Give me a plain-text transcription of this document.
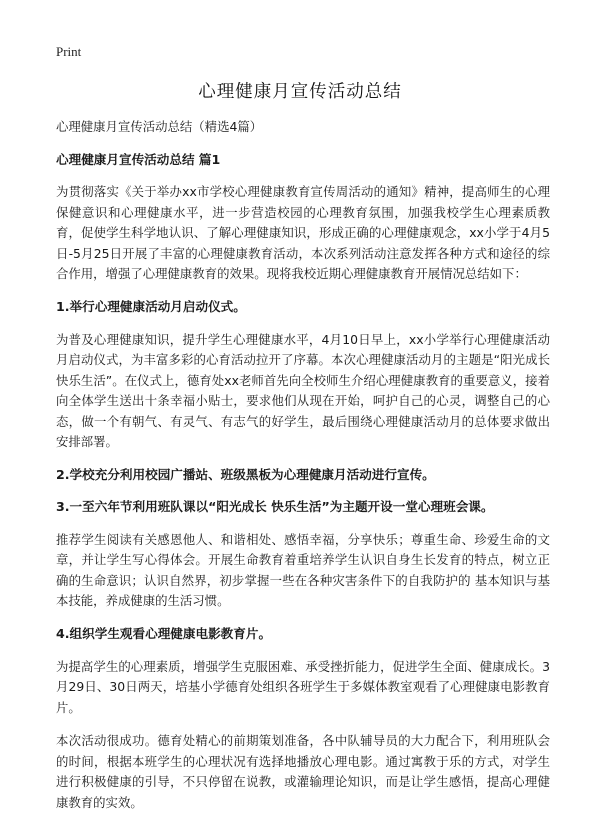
Print
心理健康月宣传活动总结

心理健康月宣传活动总结（精选4篇）

心理健康月宣传活动总结 篇1

为贯彻落实《关于举办xx市学校心理健康教育宣传周活动的通知》精神，提高师生的心理保健意识和心理健康水平，进一步营造校园的心理教育氛围，加强我校学生心理素质教育，促使学生科学地认识、了解心理健康知识，形成正确的心理健康观念，xx小学于4月5日-5月25日开展了丰富的心理健康教育活动，本次系列活动注意发挥各种方式和途径的综合作用，增强了心理健康教育的效果。现将我校近期心理健康教育开展情况总结如下：

1.举行心理健康活动月启动仪式。

为普及心理健康知识，提升学生心理健康水平，4月10日早上，xx小学举行心理健康活动月启动仪式，为丰富多彩的心育活动拉开了序幕。本次心理健康活动月的主题是“阳光成长 快乐生活”。在仪式上，德育处xx老师首先向全校师生介绍心理健康教育的重要意义，接着向全体学生送出十条幸福小贴士，要求他们从现在开始，呵护自己的心灵，调整自己的心态，做一个有朝气、有灵气、有志气的好学生，最后围绕心理健康活动月的总体要求做出安排部署。

2.学校充分利用校园广播站、班级黑板为心理健康月活动进行宣传。

3.一至六年节利用班队课以“阳光成长 快乐生活”为主题开设一堂心理班会课。

推荐学生阅读有关感恩他人、和谐相处、感悟幸福，分享快乐；尊重生命、珍爱生命的文章，并让学生写心得体会。开展生命教育着重培养学生认识自身生长发育的特点，树立正确的生命意识；认识自然界，初步掌握一些在各种灾害条件下的自我防护的 基本知识与基本技能，养成健康的生活习惯。

4.组织学生观看心理健康电影教育片。

为提高学生的心理素质，增强学生克服困难、承受挫折能力，促进学生全面、健康成长。3月29日、30日两天，培基小学德育处组织各班学生于多媒体教室观看了心理健康电影教育片。

本次活动很成功。德育处精心的前期策划准备，各中队辅导员的大力配合下，利用班队会的时间，根据本班学生的心理状况有选择地播放心理电影。通过寓教于乐的方式，对学生进行积极健康的引导，不只停留在说教，或灌输理论知识，而是让学生感悟，提高心理健康教育的实效。
